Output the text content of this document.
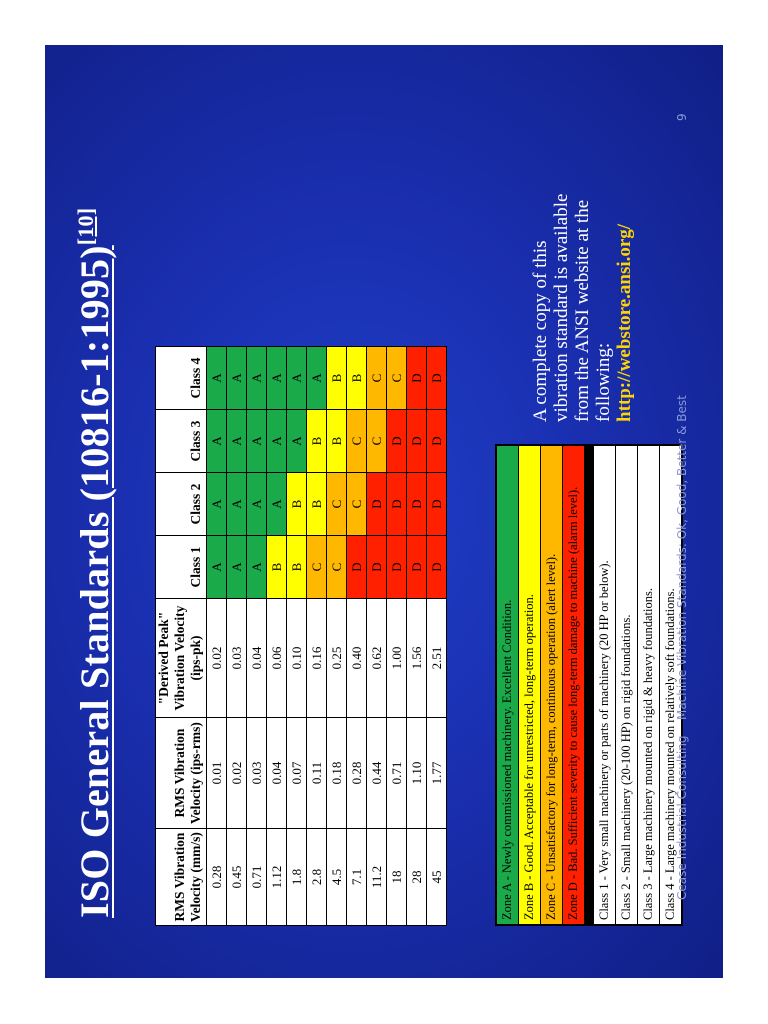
ISO General Standards (10816-1:1995)[10]
RMS Vibration Velocity (mm/s)	RMS Vibration Velocity (ips-rms)	"Derived Peak" Vibration Velocity (ips-pk)	Class 1	Class 2	Class 3	Class 4
0.28	0.01	0.02	A	A	A	A
0.45	0.02	0.03	A	A	A	A
0.71	0.03	0.04	A	A	A	A
1.12	0.04	0.06	B	A	A	A
1.8	0.07	0.10	B	B	A	A
2.8	0.11	0.16	C	B	B	A
4.5	0.18	0.25	C	C	B	B
7.1	0.28	0.40	D	C	C	B
11.2	0.44	0.62	D	D	C	C
18	0.71	1.00	D	D	D	C
28	1.10	1.56	D	D	D	D
45	1.77	2.51	D	D	D	D
Zone A - Newly commissioned machinery. Excellent Condition. Zone B - Good. Acceptable for unrestricted, long-term operation. Zone C - Unsatisfactory for long-term, continuous operation (alert level). Zone D - Bad. Sufficient severity to cause long-term damage to machine (alarm level).	Class 1 - Very small machinery or parts of machinery (20 HP or below). Class 2 - Small machinery (20-100 HP) on rigid foundations. Class 3 - Large machinery mounted on rigid & heavy foundations. Class 4 - Large machinery mounted on relatively soft foundations.
A complete copy of this vibration standard is available from the ANSI website at the following: http://webstore.ansi.org/
Cease Industrial Consulting
Machine Vibration Standards: Ok, Good, Better & Best
9
